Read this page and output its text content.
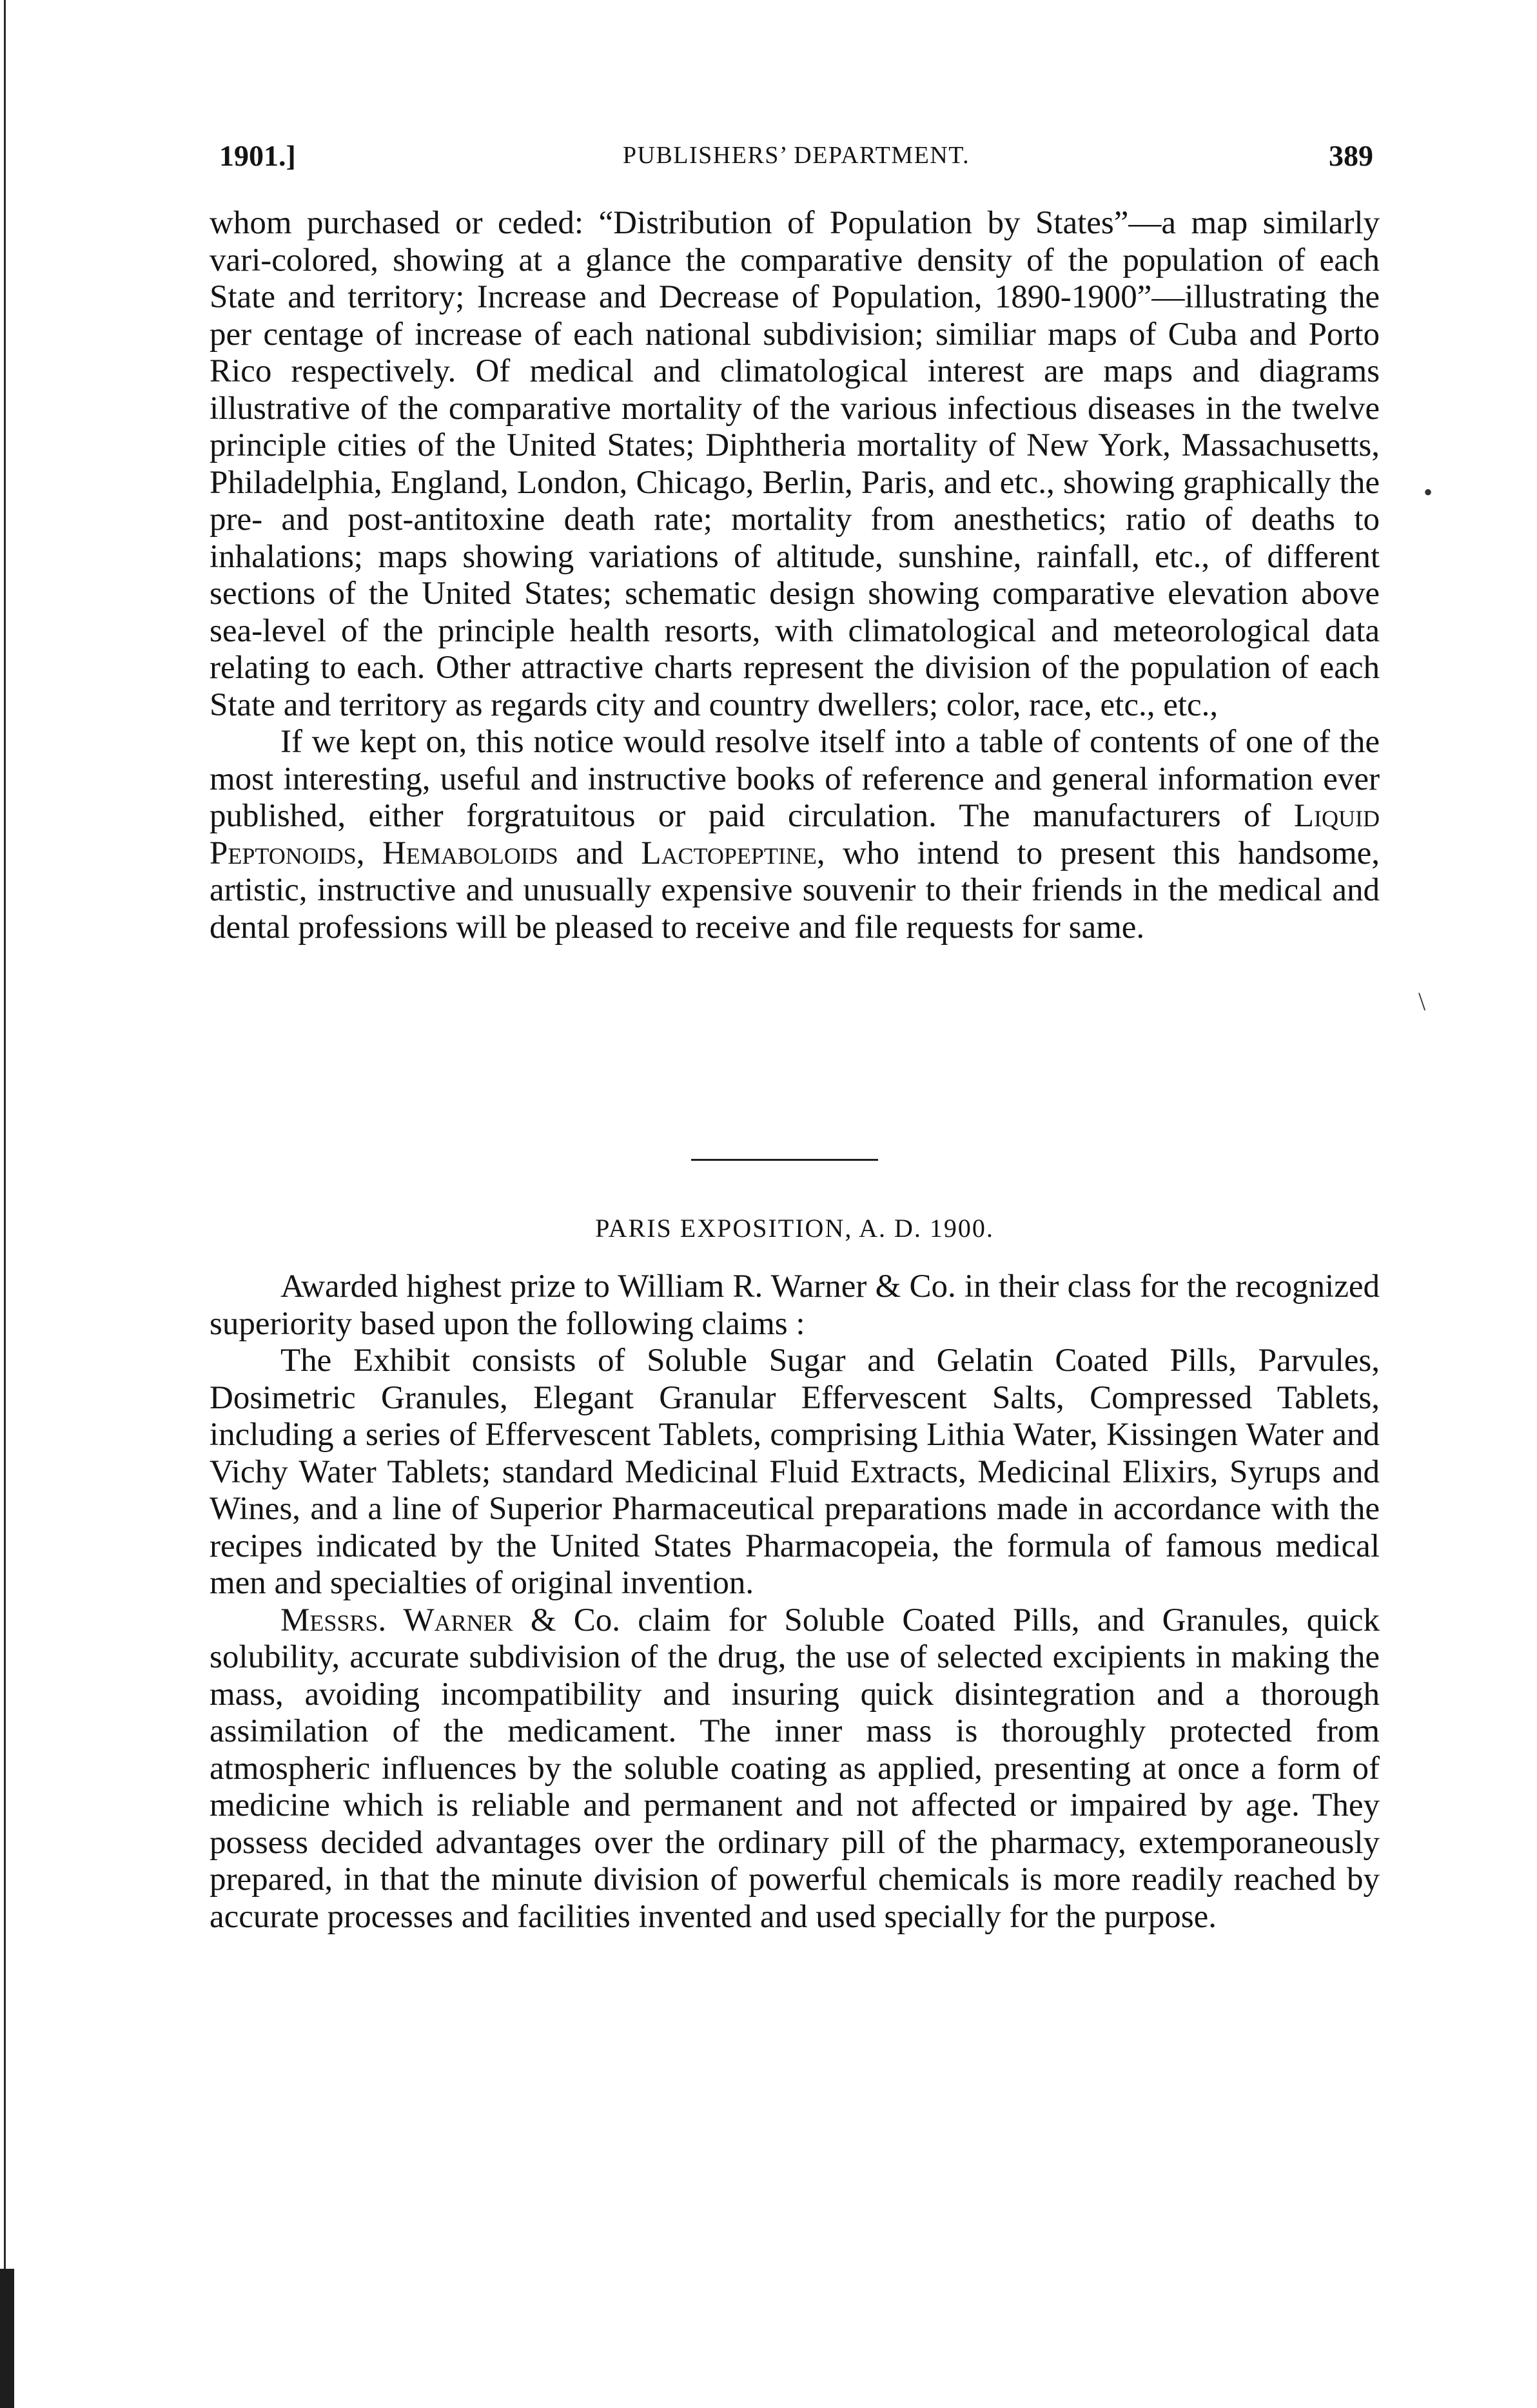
1901.]	PUBLISHERS’ DEPARTMENT.	389

whom purchased or ceded: “Distribution of Population by States”—a map similarly vari-colored, showing at a glance the comparative density of the population of each State and territory; Increase and Decrease of Population, 1890-1900”—illustrating the per centage of increase of each national subdivision; similiar maps of Cuba and Porto Rico respectively. Of medical and climatological interest are maps and diagrams illustrative of the comparative mortality of the various infectious diseases in the twelve principle cities of the United States; Diphtheria mortality of New York, Massachusetts, Philadelphia, England, London, Chicago, Berlin, Paris, and etc., showing graphically the pre- and post-antitoxine death rate; mortality from anesthetics; ratio of deaths to inhalations; maps showing variations of altitude, sunshine, rainfall, etc., of different sections of the United States; schematic design showing comparative elevation above sea-level of the principle health resorts, with climatological and meteorological data relating to each. Other attractive charts represent the division of the population of each State and territory as regards city and country dwellers; color, race, etc., etc.,

If we kept on, this notice would resolve itself into a table of contents of one of the most interesting, useful and instructive books of reference and general information ever published, either forgratuitous or paid circulation. The manufacturers of Liquid Peptonoids, Hemaboloids and Lactopeptine, who intend to present this handsome, artistic, instructive and unusually expensive souvenir to their friends in the medical and dental professions will be pleased to receive and file requests for same.

PARIS EXPOSITION, A. D. 1900.

Awarded highest prize to William R. Warner & Co. in their class for the recognized superiority based upon the following claims :

The Exhibit consists of Soluble Sugar and Gelatin Coated Pills, Parvules, Dosimetric Granules, Elegant Granular Effervescent Salts, Compressed Tablets, including a series of Effervescent Tablets, comprising Lithia Water, Kissingen Water and Vichy Water Tablets; standard Medicinal Fluid Extracts, Medicinal Elixirs, Syrups and Wines, and a line of Superior Pharmaceutical preparations made in accordance with the recipes indicated by the United States Pharmacopeia, the formula of famous medical men and specialties of original invention.

Messrs. Warner & Co. claim for Soluble Coated Pills, and Granules, quick solubility, accurate subdivision of the drug, the use of selected excipients in making the mass, avoiding incompatibility and insuring quick disintegration and a thorough assimilation of the medicament. The inner mass is thoroughly protected from atmospheric influences by the soluble coating as applied, presenting at once a form of medicine which is reliable and permanent and not affected or impaired by age. They possess decided advantages over the ordinary pill of the pharmacy, extemporaneously prepared, in that the minute division of powerful chemicals is more readily reached by accurate processes and facilities invented and used specially for the purpose.

•
\
